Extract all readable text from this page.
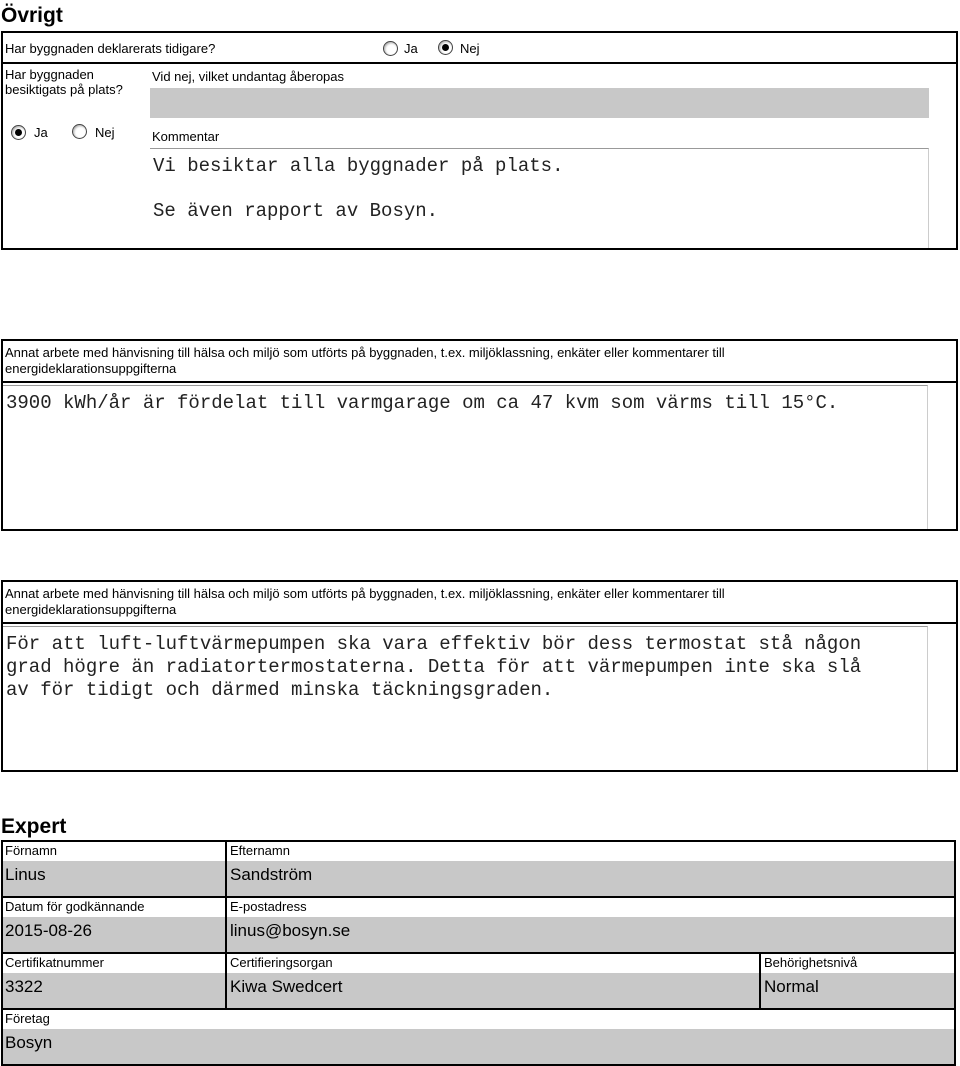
Övrigt
Har byggnaden deklarerats tidigare?	Ja	Nej
Har byggnaden
besiktigats på plats?
Vid nej, vilket undantag åberopas
Ja	Nej	Kommentar
Vi besiktar alla byggnader på plats.
Se även rapport av Bosyn.
Annat arbete med hänvisning till hälsa och miljö som utförts på byggnaden, t.ex. miljöklassning, enkäter eller kommentarer till
energideklarationsuppgifterna
3900 kWh/år är fördelat till varmgarage om ca 47 kvm som värms till 15°C.
Annat arbete med hänvisning till hälsa och miljö som utförts på byggnaden, t.ex. miljöklassning, enkäter eller kommentarer till
energideklarationsuppgifterna
För att luft-luftvärmepumpen ska vara effektiv bör dess termostat stå någon
grad högre än radiatortermostaterna. Detta för att värmepumpen inte ska slå
av för tidigt och därmed minska täckningsgraden.
Expert
Förnamn
Linus
Efternamn
Sandström
Datum för godkännande
2015-08-26
E-postadress
linus@bosyn.se
Certifikatnummer
3322
Certifieringsorgan
Kiwa Swedcert
Behörighetsnivå
Normal
Företag
Bosyn
